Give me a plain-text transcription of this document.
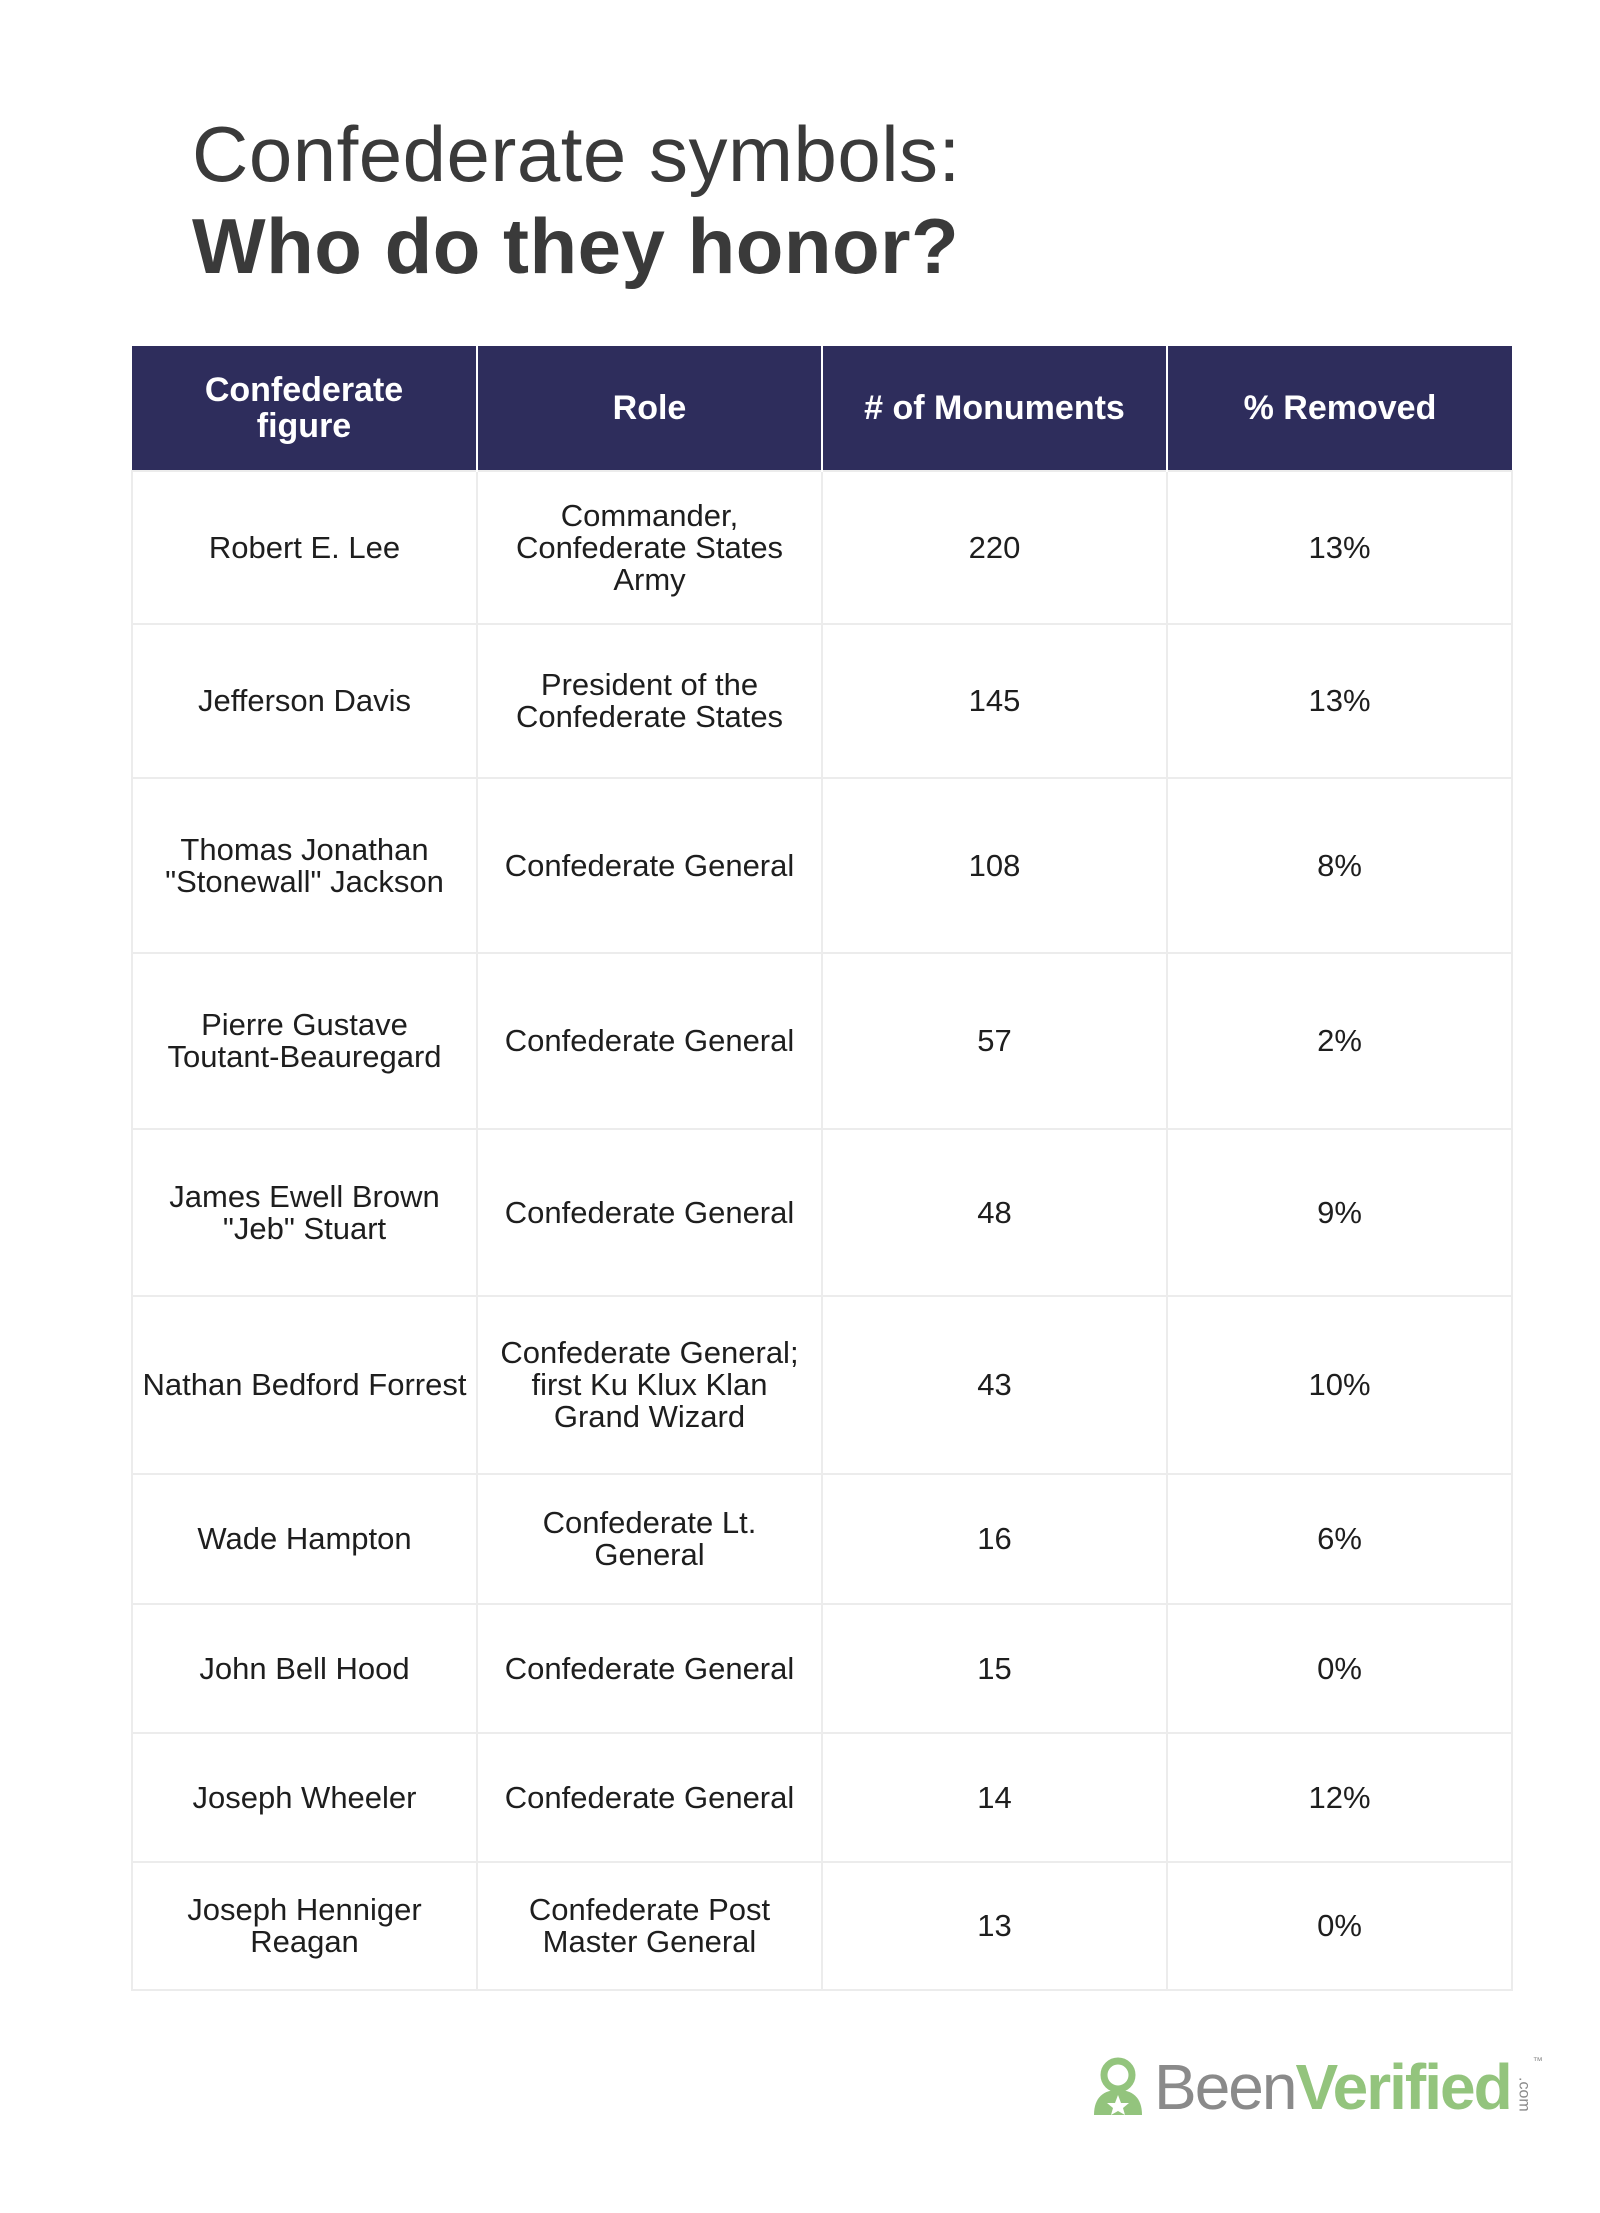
Confederate symbols:
Who do they honor?
Confederate
figure	Role	# of Monuments	% Removed
Robert E. Lee	Commander,
Confederate States
Army	220	13%
Jefferson Davis	President of the
Confederate States	145	13%
Thomas Jonathan
"Stonewall" Jackson	Confederate General	108	8%
Pierre Gustave
Toutant-Beauregard	Confederate General	57	2%
James Ewell Brown
"Jeb" Stuart	Confederate General	48	9%
Nathan Bedford Forrest	Confederate General;
first Ku Klux Klan
Grand Wizard	43	10%
Wade Hampton	Confederate Lt.
General	16	6%
John Bell Hood	Confederate General	15	0%
Joseph Wheeler	Confederate General	14	12%
Joseph Henniger
Reagan	Confederate Post
Master General	13	0%
Been Verified .com
™
